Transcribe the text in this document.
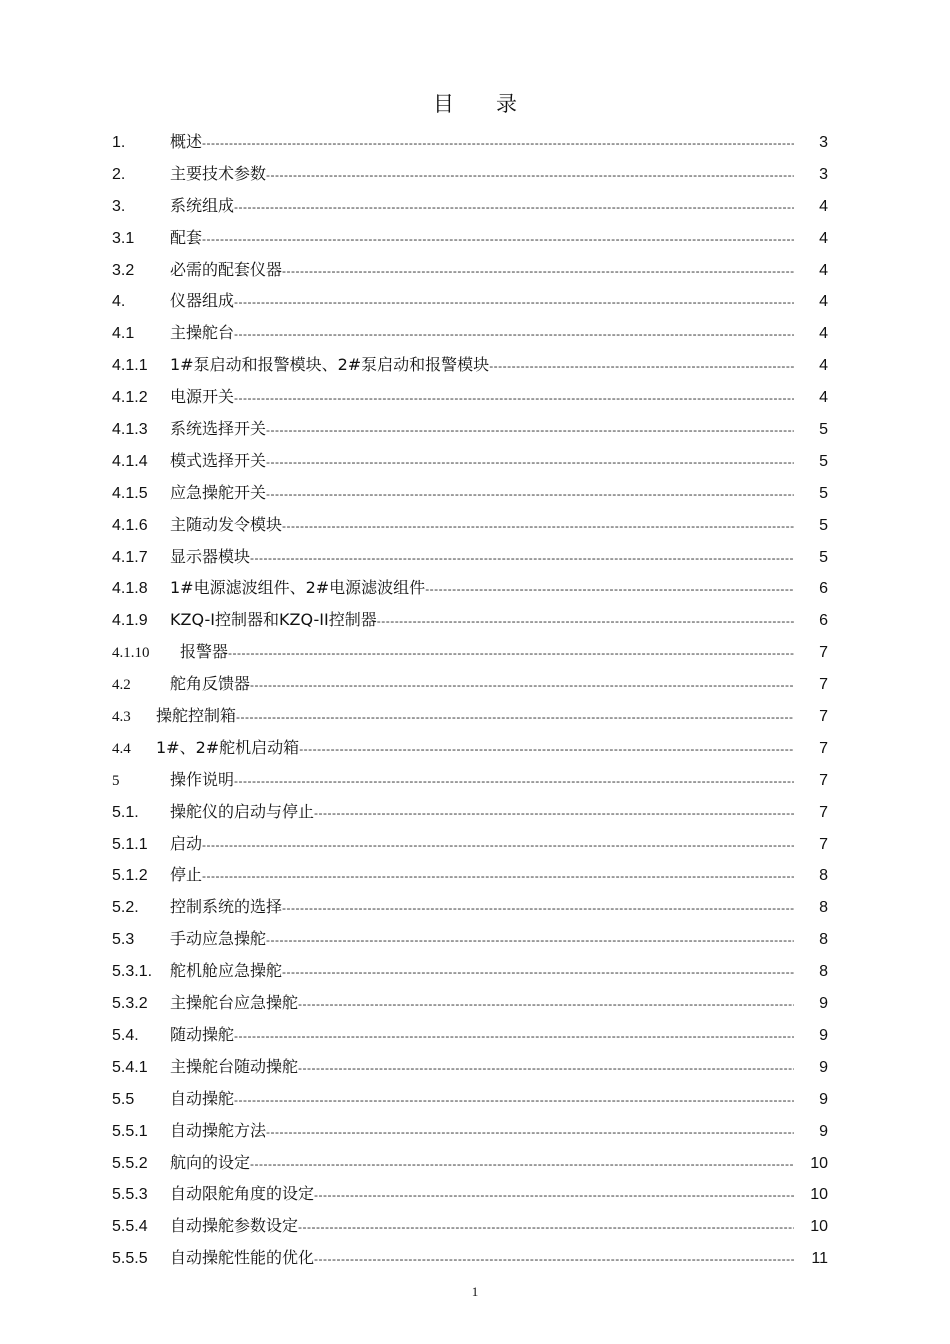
目　　录
1.	概述 -----	3
2.	主要技术参数 -----	3
3.	系统组成 -----	4
3.1	配套 -----	4
3.2	必需的配套仪器 -----	4
4.	仪器组成 -----	4
4.1	主操舵台 -----	4
4.1.1	1#泵启动和报警模块、2#泵启动和报警模块 -----	4
4.1.2	电源开关 -----	4
4.1.3	系统选择开关 -----	5
4.1.4	模式选择开关 -----	5
4.1.5	应急操舵开关 -----	5
4.1.6	主随动发令模块 -----	5
4.1.7	显示器模块 -----	5
4.1.8	1#电源滤波组件、2#电源滤波组件 -----	6
4.1.9	KZQ-I控制器和KZQ-II控制器 -----	6
4.1.10	报警器 -----	7
4.2	舵角反馈器 -----	7
4.3	操舵控制箱 -----	7
4.4	1#、2#舵机启动箱 -----	7
5	操作说明 -----	7
5.1.	操舵仪的启动与停止 -----	7
5.1.1	启动 -----	7
5.1.2	停止 -----	8
5.2.	控制系统的选择 -----	8
5.3	手动应急操舵 -----	8
5.3.1.	舵机舱应急操舵 -----	8
5.3.2	主操舵台应急操舵 -----	9
5.4.	随动操舵 -----	9
5.4.1	主操舵台随动操舵 -----	9
5.5	自动操舵 -----	9
5.5.1	自动操舵方法 -----	9
5.5.2	航向的设定 -----	10
5.5.3	自动限舵角度的设定 -----	10
5.5.4	自动操舵参数设定 -----	10
5.5.5	自动操舵性能的优化 -----	11
1
